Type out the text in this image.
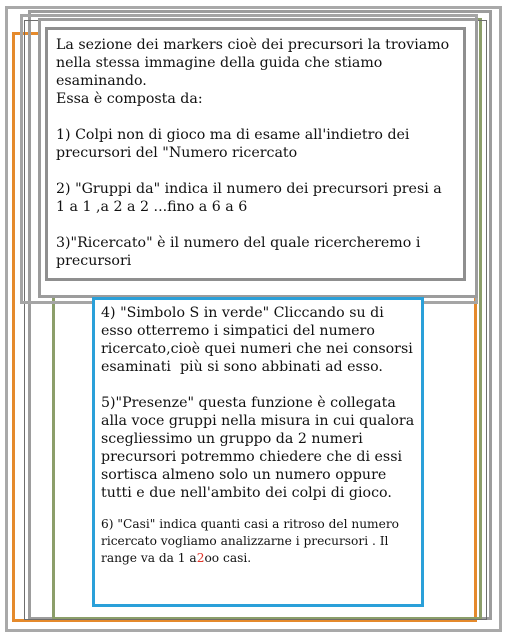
La sezione dei markers cioè dei precursori la troviamo nella stessa immagine della guida che stiamo esaminando.

Essa è composta da:

1) Colpi non di gioco ma di esame all'indietro dei precursori del "Numero ricercato

2) "Gruppi da" indica il numero dei precursori presi a 1 a 1 ,a 2 a 2 ...fino a 6 a 6

3)"Ricercato" è il numero del quale ricercheremo i precursori

4) "Simbolo S in verde" Cliccando su di esso otterremo i simpatici del numero ricercato,cioè quei numeri che nei consorsi esaminati  più si sono abbinati ad esso.

5)"Presenze" questa funzione è collegata alla voce gruppi nella misura in cui qualora scegliessimo un gruppo da 2 numeri  precursori potremmo chiedere che di essi sortisca almeno solo un numero oppure tutti e due nell'ambito dei colpi di gioco.

6) "Casi" indica quanti casi a ritroso del numero ricercato vogliamo analizzarne i precursori . Il range va da 1 a2oo casi.
